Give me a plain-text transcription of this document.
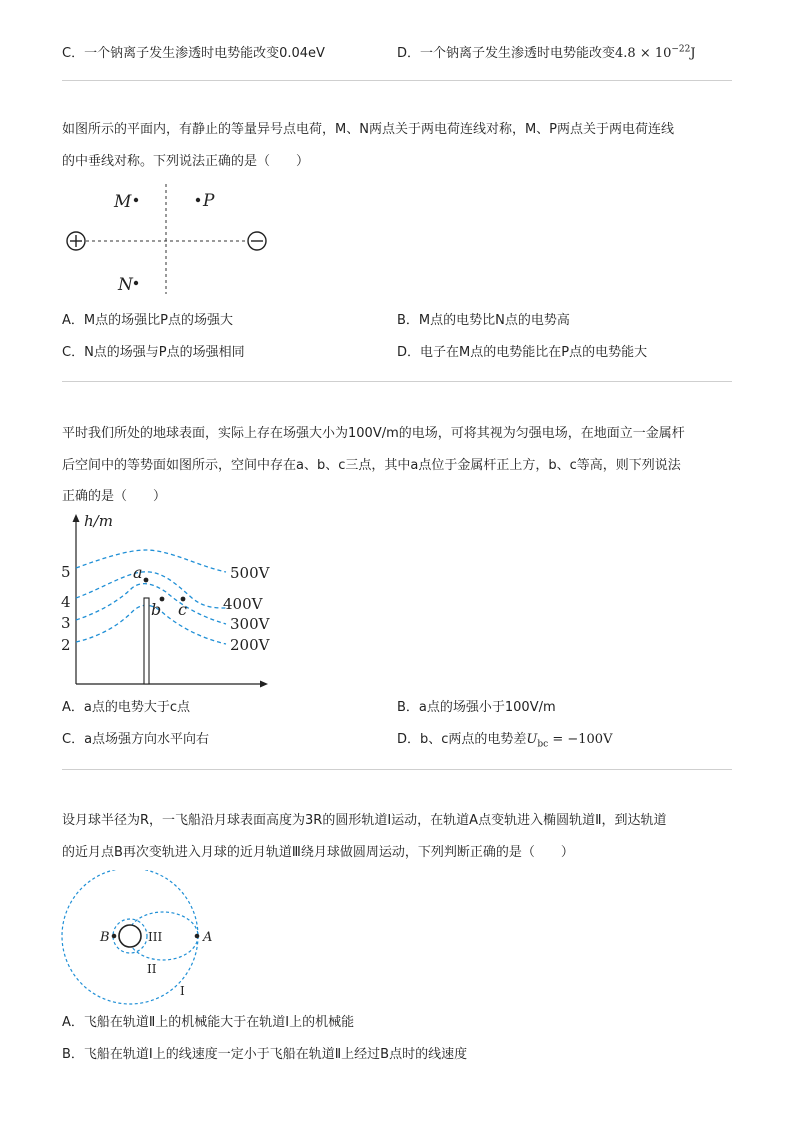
C．一个钠离子发生渗透时电势能改变0.04eV	D．一个钠离子发生渗透时电势能改变$4.8 \times 10^{-22}J$
如图所示的平面内，有静止的等量异号点电荷，M、N两点关于两电荷连线对称，M、P两点关于两电荷连线
的中垂线对称。下列说法正确的是（　　）
M	P
N
A．M点的场强比P点的场强大	B．M点的电势比N点的电势高
C．N点的场强与P点的场强相同	D．电子在M点的电势能比在P点的电势能大
平时我们所处的地球表面，实际上存在场强大小为100V/m的电场，可将其视为匀强电场，在地面立一金属杆
后空间中的等势面如图所示，空间中存在a、b、c三点，其中a点位于金属杆正上方，b、c等高，则下列说法
正确的是（　　）
h/m
5
4
3
2
500V
400V
300V
200V
a
b c
A．a点的电势大于c点	B．a点的场强小于100V/m
C．a点场强方向水平向右	D．b、c两点的电势差$U_{bc} = -100V$
设月球半径为R，一飞船沿月球表面高度为3R的圆形轨道Ⅰ运动，在轨道A点变轨进入椭圆轨道Ⅱ，到达轨道
的近月点B再次变轨进入月球的近月轨道Ⅲ绕月球做圆周运动，下列判断正确的是（　　）
B	A
III
II
I
A．飞船在轨道Ⅱ上的机械能大于在轨道Ⅰ上的机械能
B．飞船在轨道Ⅰ上的线速度一定小于飞船在轨道Ⅱ上经过B点时的线速度
